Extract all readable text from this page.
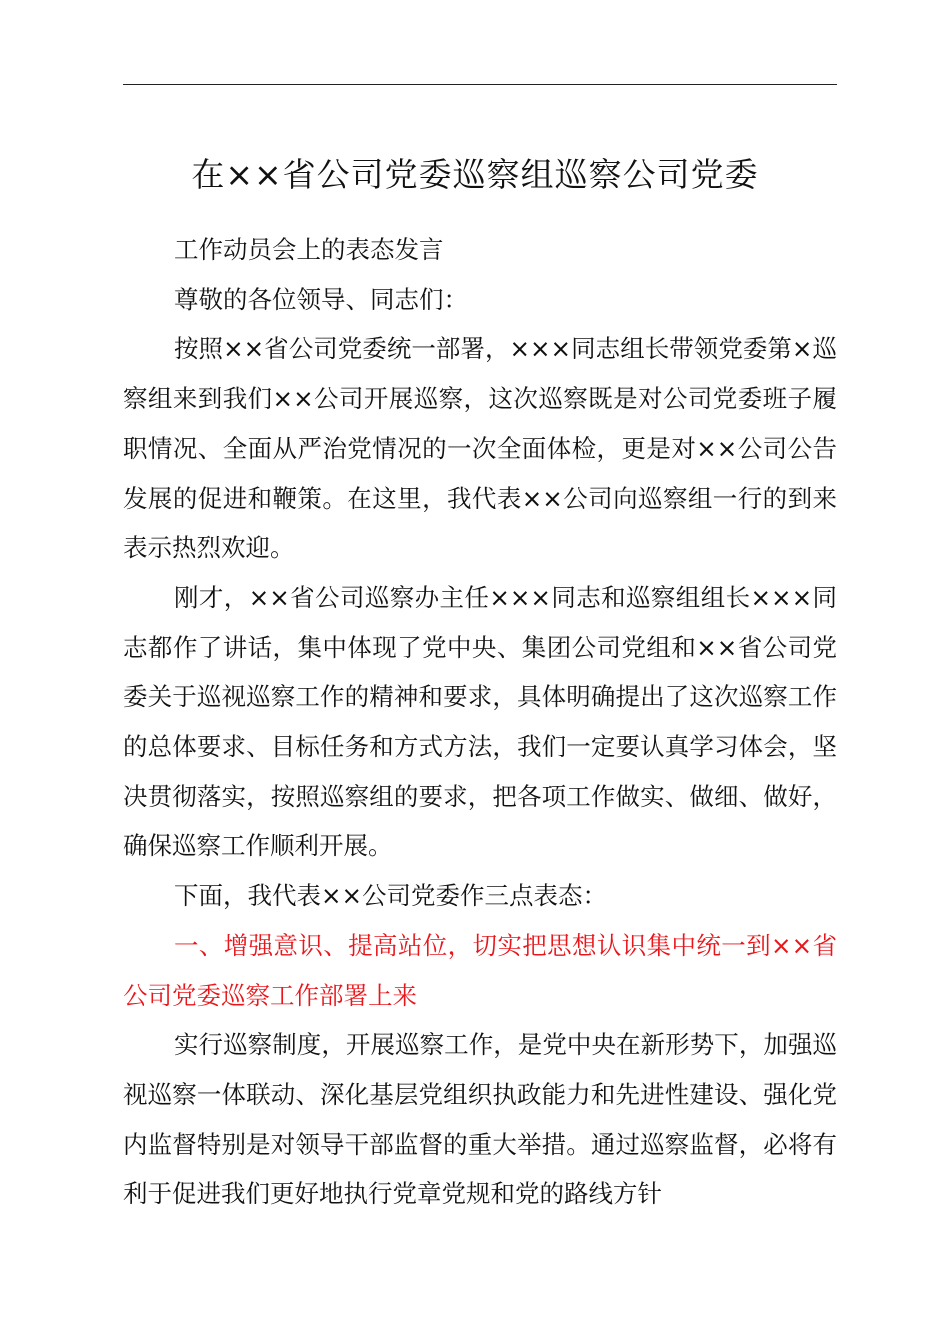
在××省公司党委巡察组巡察公司党委

工作动员会上的表态发言

尊敬的各位领导、同志们：

按照××省公司党委统一部署，×××同志组长带领党委第×巡察组来到我们××公司开展巡察，这次巡察既是对公司党委班子履职情况、全面从严治党情况的一次全面体检，更是对××公司公告发展的促进和鞭策。在这里，我代表××公司向巡察组一行的到来表示热烈欢迎。

刚才，××省公司巡察办主任×××同志和巡察组组长×××同志都作了讲话，集中体现了党中央、集团公司党组和××省公司党委关于巡视巡察工作的精神和要求，具体明确提出了这次巡察工作的总体要求、目标任务和方式方法，我们一定要认真学习体会，坚决贯彻落实，按照巡察组的要求，把各项工作做实、做细、做好，确保巡察工作顺利开展。

下面，我代表××公司党委作三点表态：

一、增强意识、提高站位，切实把思想认识集中统一到××省公司党委巡察工作部署上来

实行巡察制度，开展巡察工作，是党中央在新形势下，加强巡视巡察一体联动、深化基层党组织执政能力和先进性建设、强化党内监督特别是对领导干部监督的重大举措。通过巡察监督，必将有利于促进我们更好地执行党章党规和党的路线方针
